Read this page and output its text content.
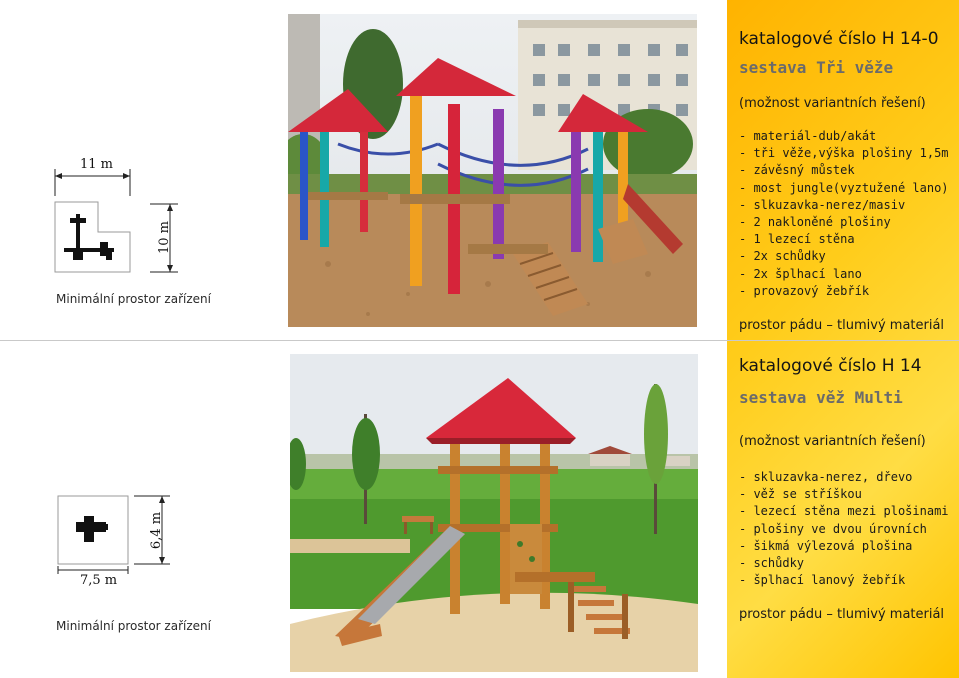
11 m
10 m
Minimální prostor zařízení
katalogové číslo H 14-0
sestava Tři věže
(možnost variantních řešení)
- materiál-dub/akát
- tři věže,výška plošiny 1,5m
- závěsný můstek
- most jungle(vyztužené lano)
- slkuzavka-nerez/masiv
- 2 nakloněné plošiny
- 1 lezecí stěna
- 2x schůdky
- 2x šplhací lano
- provazový žebřík
prostor pádu – tlumivý materiál
6,4 m
7,5 m
Minimální prostor zařízení
katalogové číslo H 14
sestava věž Multi
(možnost variantních řešení)
- skluzavka-nerez, dřevo
- věž se stříškou
- lezecí stěna mezi plošinami
- plošiny ve dvou úrovních
- šikmá výlezová plošina
- schůdky
- šplhací lanový žebřík
prostor pádu – tlumivý materiál
